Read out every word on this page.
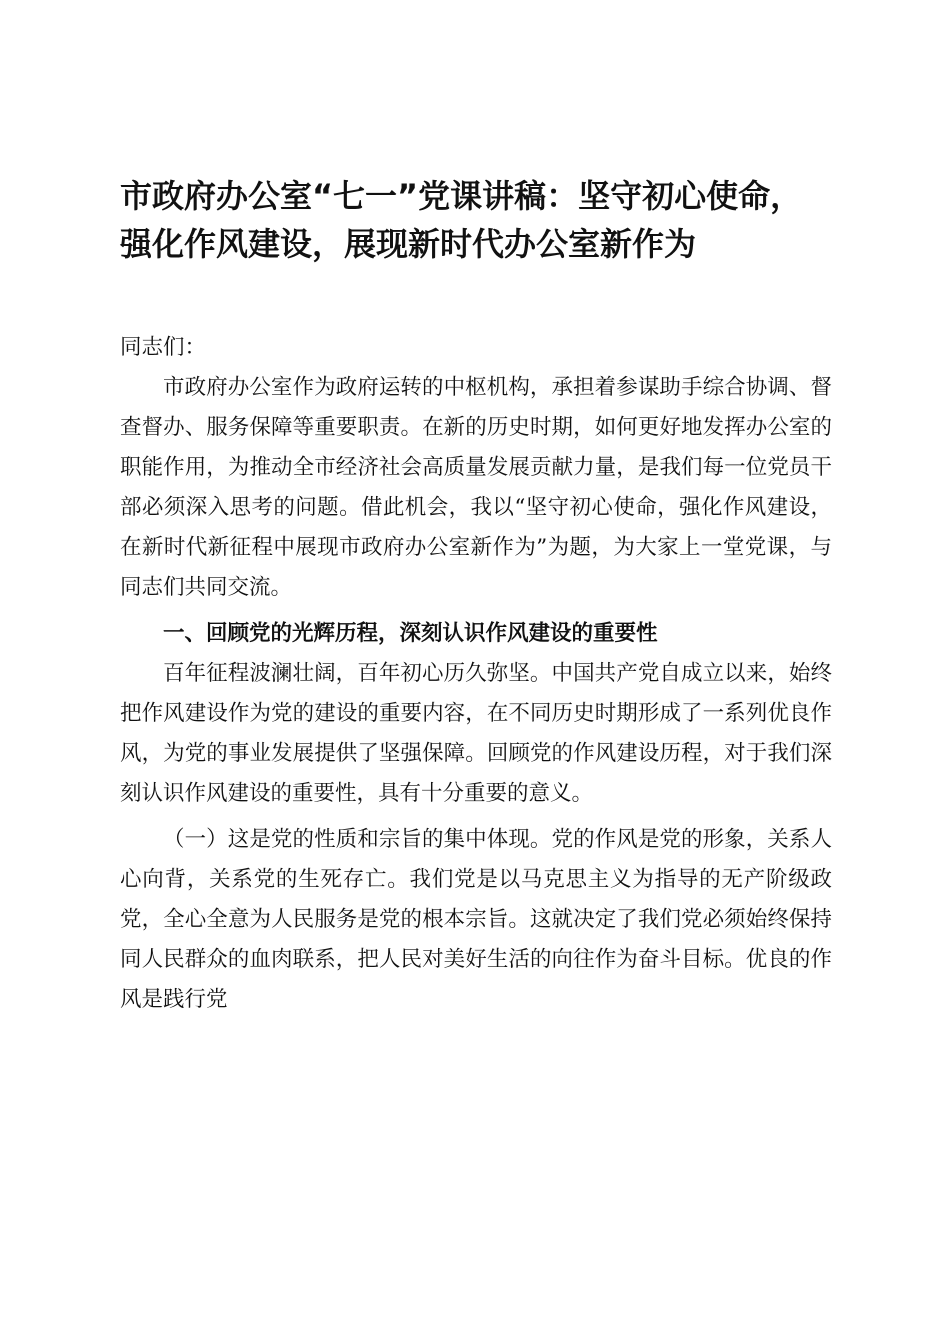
市政府办公室“七一”党课讲稿：坚守初心使命，强化作风建设，展现新时代办公室新作为

同志们：

市政府办公室作为政府运转的中枢机构，承担着参谋助手综合协调、督查督办、服务保障等重要职责。在新的历史时期，如何更好地发挥办公室的职能作用，为推动全市经济社会高质量发展贡献力量，是我们每一位党员干部必须深入思考的问题。借此机会，我以“坚守初心使命，强化作风建设，在新时代新征程中展现市政府办公室新作为”为题，为大家上一堂党课，与同志们共同交流。

一、回顾党的光辉历程，深刻认识作风建设的重要性

百年征程波澜壮阔，百年初心历久弥坚。中国共产党自成立以来，始终把作风建设作为党的建设的重要内容，在不同历史时期形成了一系列优良作风，为党的事业发展提供了坚强保障。回顾党的作风建设历程，对于我们深刻认识作风建设的重要性，具有十分重要的意义。

（一）这是党的性质和宗旨的集中体现。党的作风是党的形象，关系人心向背，关系党的生死存亡。我们党是以马克思主义为指导的无产阶级政党，全心全意为人民服务是党的根本宗旨。这就决定了我们党必须始终保持同人民群众的血肉联系，把人民对美好生活的向往作为奋斗目标。优良的作风是践行党
